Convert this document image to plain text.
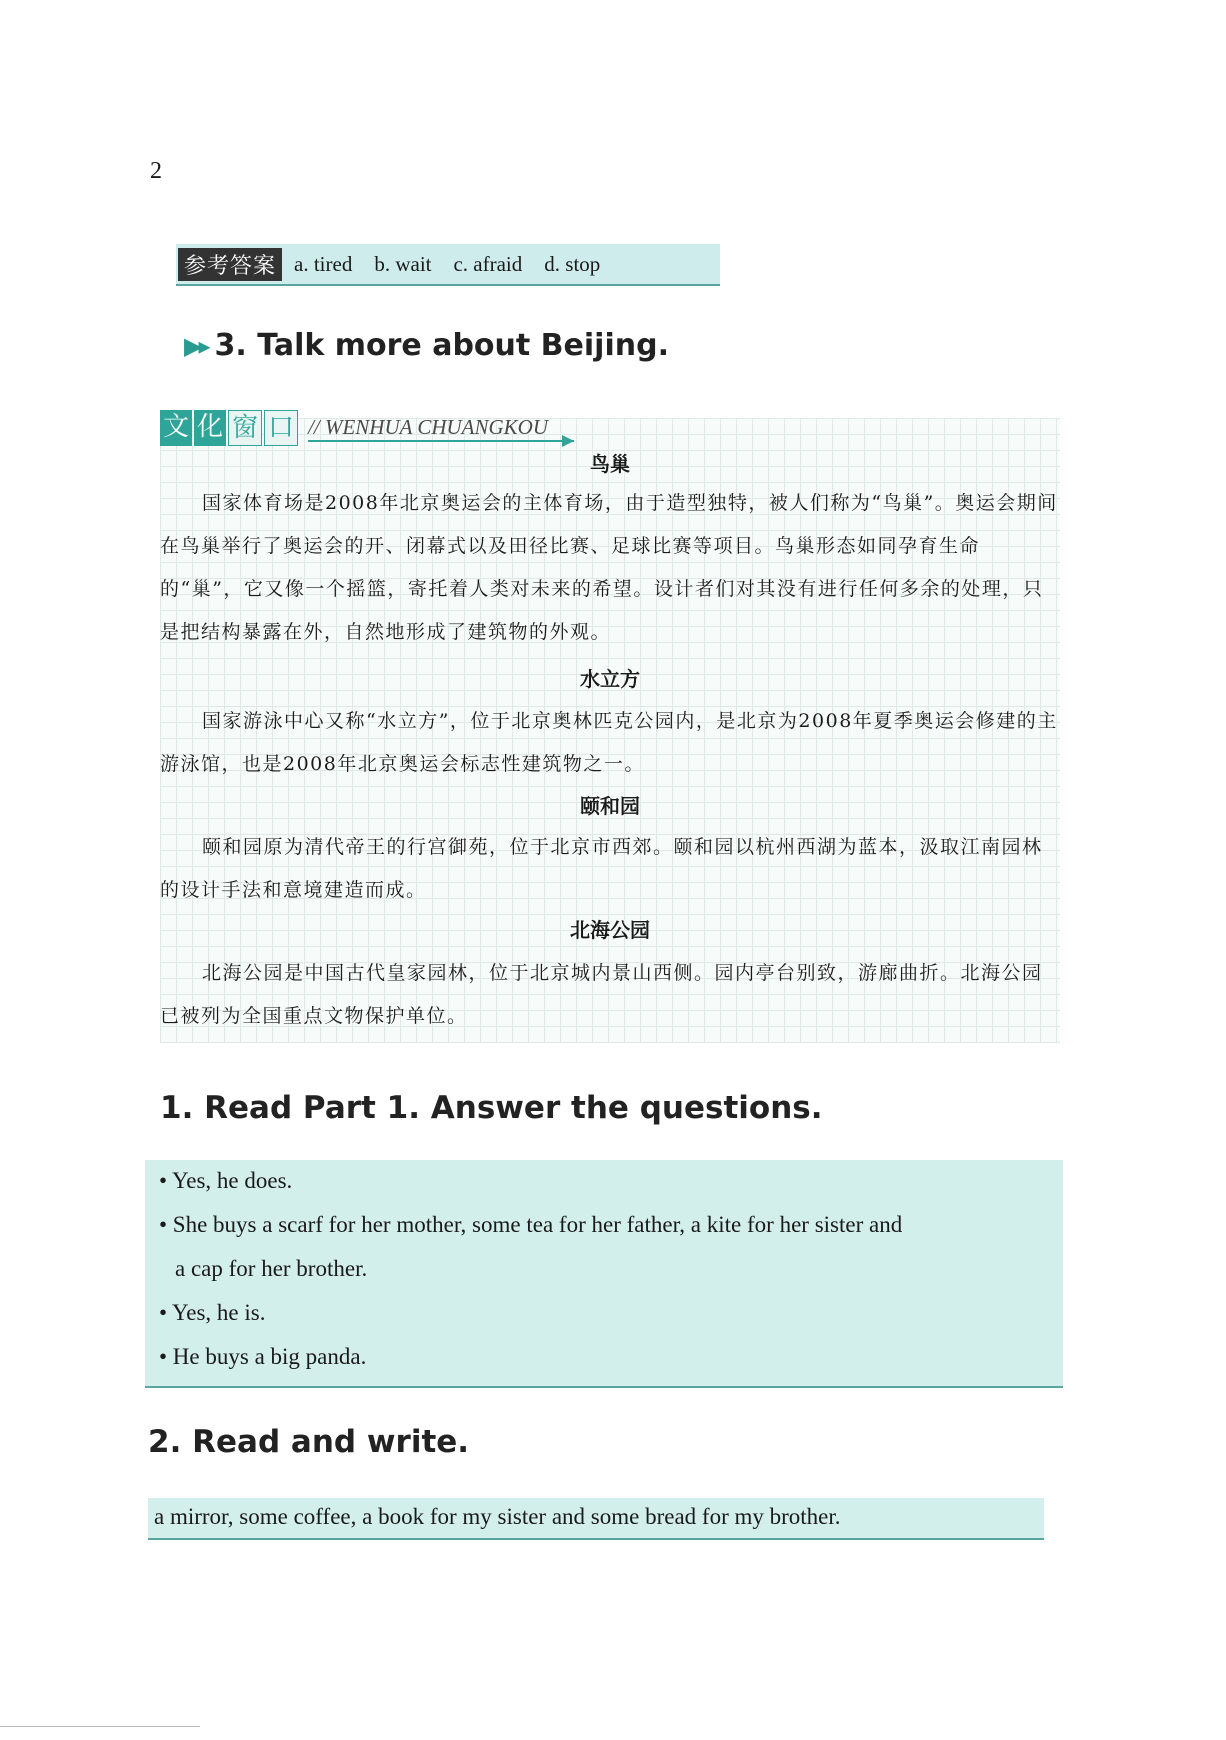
2
参考答案 a. tired b. wait c. afraid d. stop
▶▸ 3. Talk more about Beijing.
鸟巢
国家体育场是2008年北京奥运会的主体育场，由于造型独特，被人们称为“鸟巢”。奥运会期间在鸟巢举行了奥运会的开、闭幕式以及田径比赛、足球比赛等项目。鸟巢形态如同孕育生命的“巢”，它又像一个摇篮，寄托着人类对未来的希望。设计者们对其没有进行任何多余的处理，只是把结构暴露在外，自然地形成了建筑物的外观。
水立方
国家游泳中心又称“水立方”，位于北京奥林匹克公园内，是北京为2008年夏季奥运会修建的主游泳馆，也是2008年北京奥运会标志性建筑物之一。
颐和园
颐和园原为清代帝王的行宫御苑，位于北京市西郊。颐和园以杭州西湖为蓝本，汲取江南园林的设计手法和意境建造而成。
北海公园
北海公园是中国古代皇家园林，位于北京城内景山西侧。园内亭台别致，游廊曲折。北海公园已被列为全国重点文物保护单位。
文 化 窗 口 // WENHUA CHUANGKOU
1. Read Part 1. Answer the questions.
• Yes, he does.
• She buys a scarf for her mother, some tea for her father, a kite for her sister and
a cap for her brother.
• Yes, he is.
• He buys a big panda.
2. Read and write.
a mirror, some coffee, a book for my sister and some bread for my brother.
